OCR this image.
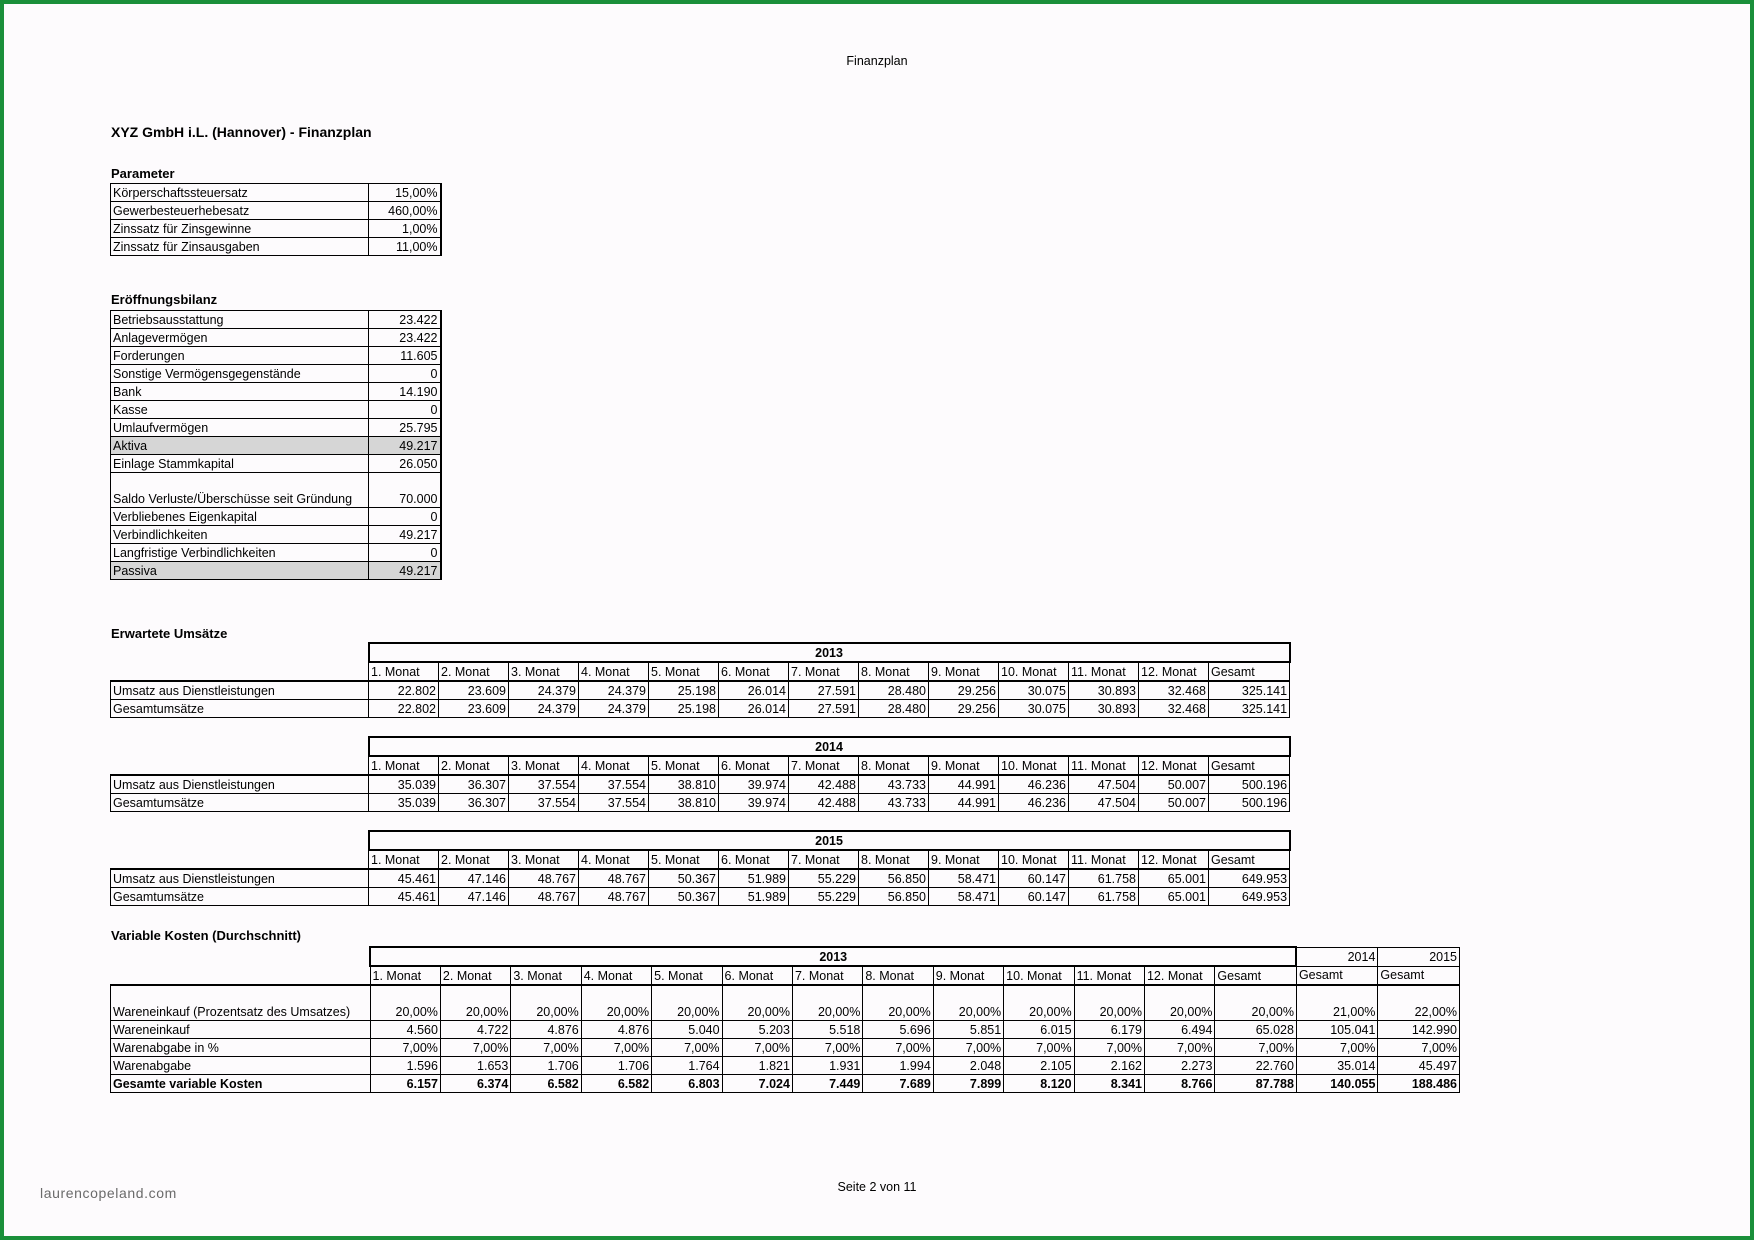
Finanzplan
XYZ GmbH i.L. (Hannover) - Finanzplan
Parameter
Körperschaftssteuersatz	15,00%
Gewerbesteuerhebesatz	460,00%
Zinssatz für Zinsgewinne	1,00%
Zinssatz für Zinsausgaben	11,00%
Eröffnungsbilanz
Betriebsausstattung	23.422
Anlagevermögen	23.422
Forderungen	11.605
Sonstige Vermögensgegenstände	0
Bank	14.190
Kasse	0
Umlaufvermögen	25.795
Aktiva	49.217
Einlage Stammkapital	26.050
Saldo Verluste/Überschüsse seit Gründung	70.000
Verbliebenes Eigenkapital	0
Verbindlichkeiten	49.217
Langfristige Verbindlichkeiten	0
Passiva	49.217
Erwartete Umsätze
	2013												
	1. Monat	2. Monat	3. Monat	4. Monat	5. Monat	6. Monat	7. Monat	8. Monat	9. Monat	10. Monat	11. Monat	12. Monat	Gesamt
Umsatz aus Dienstleistungen	22.802	23.609	24.379	24.379	25.198	26.014	27.591	28.480	29.256	30.075	30.893	32.468	325.141
Gesamtumsätze	22.802	23.609	24.379	24.379	25.198	26.014	27.591	28.480	29.256	30.075	30.893	32.468	325.141
	2014												
	1. Monat	2. Monat	3. Monat	4. Monat	5. Monat	6. Monat	7. Monat	8. Monat	9. Monat	10. Monat	11. Monat	12. Monat	Gesamt
Umsatz aus Dienstleistungen	35.039	36.307	37.554	37.554	38.810	39.974	42.488	43.733	44.991	46.236	47.504	50.007	500.196
Gesamtumsätze	35.039	36.307	37.554	37.554	38.810	39.974	42.488	43.733	44.991	46.236	47.504	50.007	500.196
	2015												
	1. Monat	2. Monat	3. Monat	4. Monat	5. Monat	6. Monat	7. Monat	8. Monat	9. Monat	10. Monat	11. Monat	12. Monat	Gesamt
Umsatz aus Dienstleistungen	45.461	47.146	48.767	48.767	50.367	51.989	55.229	56.850	58.471	60.147	61.758	65.001	649.953
Gesamtumsätze	45.461	47.146	48.767	48.767	50.367	51.989	55.229	56.850	58.471	60.147	61.758	65.001	649.953
Variable Kosten (Durchschnitt)
	2013													2014	2015
	1. Monat	2. Monat	3. Monat	4. Monat	5. Monat	6. Monat	7. Monat	8. Monat	9. Monat	10. Monat	11. Monat	12. Monat	Gesamt	Gesamt	Gesamt
Wareneinkauf (Prozentsatz des Umsatzes)	20,00%	20,00%	20,00%	20,00%	20,00%	20,00%	20,00%	20,00%	20,00%	20,00%	20,00%	20,00%	20,00%	21,00%	22,00%
Wareneinkauf	4.560	4.722	4.876	4.876	5.040	5.203	5.518	5.696	5.851	6.015	6.179	6.494	65.028	105.041	142.990
Warenabgabe in %	7,00%	7,00%	7,00%	7,00%	7,00%	7,00%	7,00%	7,00%	7,00%	7,00%	7,00%	7,00%	7,00%	7,00%	7,00%
Warenabgabe	1.596	1.653	1.706	1.706	1.764	1.821	1.931	1.994	2.048	2.105	2.162	2.273	22.760	35.014	45.497
Gesamte variable Kosten	6.157	6.374	6.582	6.582	6.803	7.024	7.449	7.689	7.899	8.120	8.341	8.766	87.788	140.055	188.486
Seite 2 von 11
laurencopeland.com
